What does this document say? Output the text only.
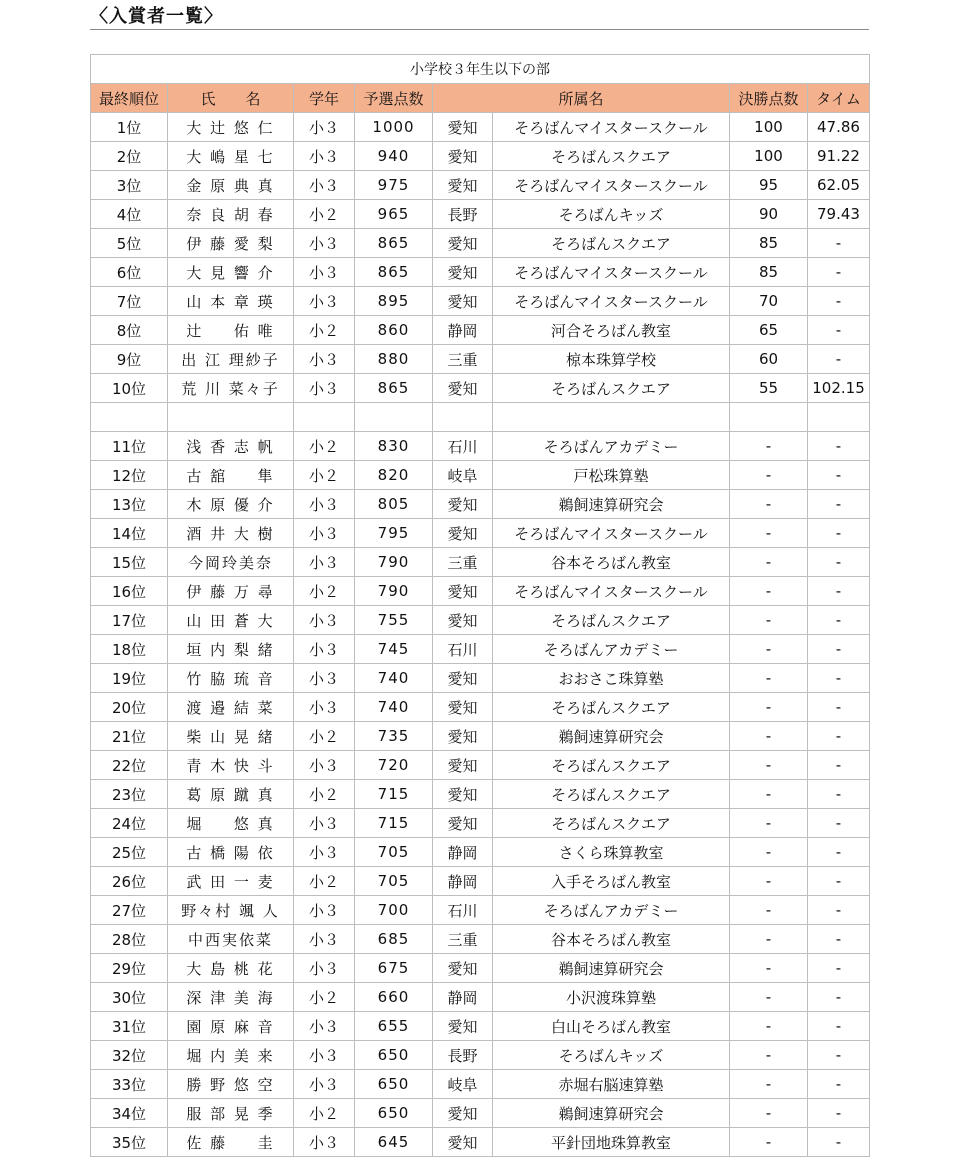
〈入賞者一覧〉
小学校３年生以下の部							
最終順位	氏　　名	学年	予選点数	所属名		決勝点数	タイム
1位	大 辻 悠 仁	小３	1000	愛知	そろばんマイスタースクール	100	47.86
2位	大 嶋 星 七	小３	940	愛知	そろばんスクエア	100	91.22
3位	金 原 典 真	小３	975	愛知	そろばんマイスタースクール	95	62.05
4位	奈 良 胡 春	小２	965	長野	そろばんキッズ	90	79.43
5位	伊 藤 愛 梨	小３	865	愛知	そろばんスクエア	85	-
6位	大 見 響 介	小３	865	愛知	そろばんマイスタースクール	85	-
7位	山 本 章 瑛	小３	895	愛知	そろばんマイスタースクール	70	-
8位	辻 　 佑 唯	小２	860	静岡	河合そろばん教室	65	-
9位	出 江 理紗子	小３	880	三重	椋本珠算学校	60	-
10位	荒 川 菜々子	小３	865	愛知	そろばんスクエア	55	102.15

11位	浅 香 志 帆	小２	830	石川	そろばんアカデミー	-	-
12位	古 舘 　 隼	小２	820	岐阜	戸松珠算塾	-	-
13位	木 原 優 介	小３	805	愛知	鵜飼速算研究会	-	-
14位	酒 井 大 樹	小３	795	愛知	そろばんマイスタースクール	-	-
15位	今岡玲美奈	小３	790	三重	谷本そろばん教室	-	-
16位	伊 藤 万 尋	小２	790	愛知	そろばんマイスタースクール	-	-
17位	山 田 蒼 大	小３	755	愛知	そろばんスクエア	-	-
18位	垣 内 梨 緒	小３	745	石川	そろばんアカデミー	-	-
19位	竹 脇 琉 音	小３	740	愛知	おおさこ珠算塾	-	-
20位	渡 邉 結 菜	小３	740	愛知	そろばんスクエア	-	-
21位	柴 山 晃 緒	小２	735	愛知	鵜飼速算研究会	-	-
22位	青 木 快 斗	小３	720	愛知	そろばんスクエア	-	-
23位	葛 原 蹴 真	小２	715	愛知	そろばんスクエア	-	-
24位	堀 　 悠 真	小３	715	愛知	そろばんスクエア	-	-
25位	古 橋 陽 依	小３	705	静岡	さくら珠算教室	-	-
26位	武 田 一 麦	小２	705	静岡	入手そろばん教室	-	-
27位	野々村 颯 人	小３	700	石川	そろばんアカデミー	-	-
28位	中西実依菜	小３	685	三重	谷本そろばん教室	-	-
29位	大 島 桃 花	小３	675	愛知	鵜飼速算研究会	-	-
30位	深 津 美 海	小２	660	静岡	小沢渡珠算塾	-	-
31位	園 原 麻 音	小３	655	愛知	白山そろばん教室	-	-
32位	堀 内 美 来	小３	650	長野	そろばんキッズ	-	-
33位	勝 野 悠 空	小３	650	岐阜	赤堀右脳速算塾	-	-
34位	服 部 晃 季	小２	650	愛知	鵜飼速算研究会	-	-
35位	佐 藤 　 圭	小３	645	愛知	平針団地珠算教室	-	-
